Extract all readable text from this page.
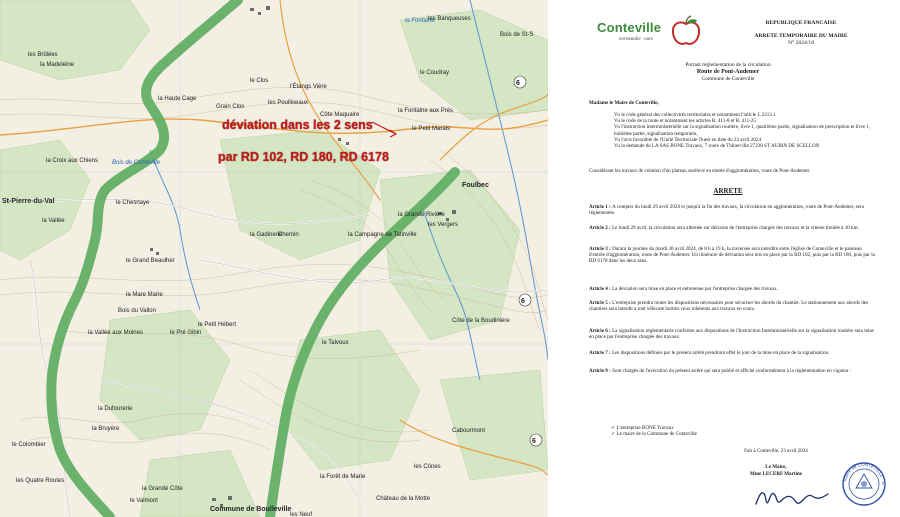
6
6
6
la Fontaine
les Banqueuses
Bois de St-S
les Brûlées
la Madeleine
le Coudray
la Haute Cage
Grain Clos
le Clos
les Poulliseaux
l'Étangs Vière
la Fontaine aux Prés
le Petit Marais
Côte Maquaire
la Croix aux Chiens Bois de Conteville
Foulbec
la Grande Rivière
le Chesnaye
la Vallée
la Gadinerie
Chemin	la Campagne de Tatinville
les Vergers
le Grand Beaulher
la Mare Marie
Bois du Vallon
la Vallée aux Moines	le Pré Gibin
le Petit Hébert
le Talvoux
Côte de la Boudinière
la Dufourerie
la Bruyère
le Colombier
les Quatre Routes
Cabourmont
la Forêt de Marie
les Cônes
Commune de Boulleville
la Grande Côte
le Valmont
les Neuf
St-Pierre-du-Val
Château de la Motte
déviation dans les 2 sens
par RD 102, RD 180, RD 6178
Conteville
normandie · eure
REPUBLIQUE FRANCAISE
ARRETE TEMPORAIRE DU MAIRE
N° 2024/18
Portant réglementation de la circulation
Route de Pont-Audemer
Commune de Conteville
Madame le Maire de Conteville,
Vu le code général des collectivités territoriales et notamment l'article L 2213.1
Vu le code de la route et notamment les articles R. 411-8 et R. 411-25
Vu l'instruction interministérielle sur la signalisation routière, livre 1, quatrième partie, signalisation de prescription et livre 1, huitième partie, signalisation temporaire,
Vu l'avis favorable de l'Unité Territoriale Ouest en date du 22 avril 2024
Vu la demande de LA SAS BONE Travaux, 7 route de Thiberville 27230 ST AUBIN DE SCELLON
Considérant les travaux de création d'un plateau surélevé en entrée d'agglomération, route de Pont-Audemer.
ARRETE
Article 1 : A compter du lundi 29 avril 2024 et jusqu'à la fin des travaux, la circulation en agglomération, route de Pont-Audemer, sera réglementée.
Article 2 : Le lundi 29 avril, la circulation sera alternée sur décision de l'entreprise chargée des travaux et la vitesse limitée à 10 km.
Article 3 : Durant la journée du mardi 30 avril 2024, de 8 h à 19 h, la traversée sera interdite entre l'église de Conteville et le panneau d'entrée d'agglomération, route de Pont-Audemer. Un itinéraire de déviation sera mis en place par la RD 102, puis par la RD 180, puis par la RD 6178 dans les deux sens.
Article 4 : La déviation sera mise en place et entretenue par l'entreprise chargée des travaux.
Article 5 : L'entreprise prendra toutes les dispositions nécessaires pour sécuriser les abords du chantier. Le stationnement aux abords des chantiers sera interdit à tout véhicule hormis ceux inhérents aux travaux en cours.
Article 6 : La signalisation réglementaire conforme aux dispositions de l'Instruction Interministérielle sur la signalisation routière sera mise en place par l'entreprise chargée des travaux.
Article 7 : Les dispositions définies par le présent arrêté prendront effet le jour de la mise en place de la signalisation.
Article 8 : Sont chargés de l'exécution du présent arrêté qui sera publié et affiché conformément à la réglementation en vigueur :
✓ L'entreprise BONE Travaux
✓ Le maire de la Commune de Conteville
Fait à Conteville, 23 avril 2024
Le Maire,
Mme LECERF Martine
Mairie de CONTEVILLE · E
